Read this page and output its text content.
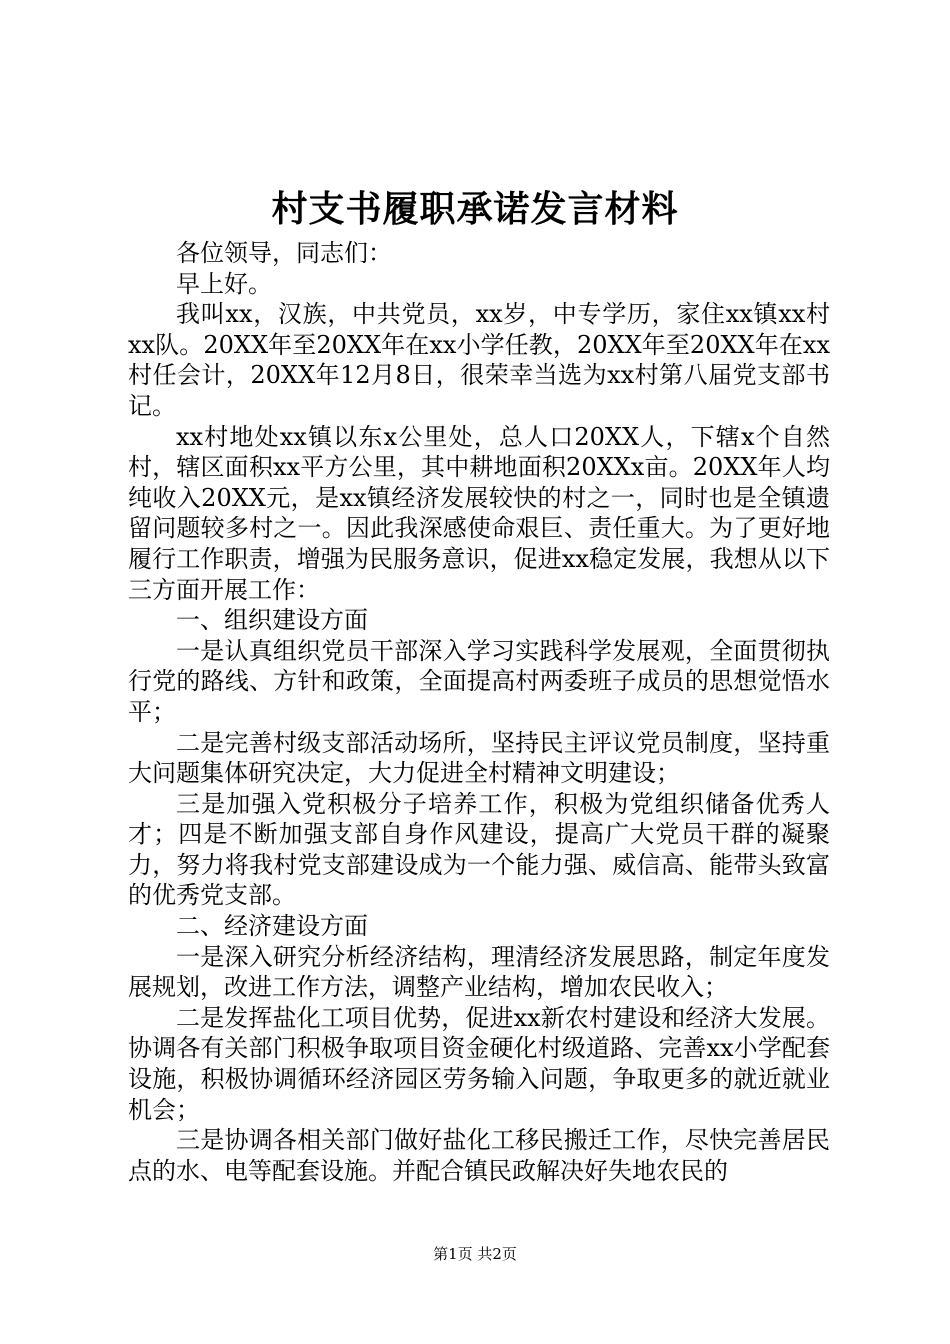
村支书履职承诺发言材料

各位领导，同志们：

早上好。

我叫xx，汉族，中共党员，xx岁，中专学历，家住xx镇xx村xx队。20XX年至20XX年在xx小学任教，20XX年至20XX年在xx村任会计，20XX年12月8日，很荣幸当选为xx村第八届党支部书记。

xx村地处xx镇以东x公里处，总人口20XX人，下辖x个自然村，辖区面积xx平方公里，其中耕地面积20XXx亩。20XX年人均纯收入20XX元，是xx镇经济发展较快的村之一，同时也是全镇遗留问题较多村之一。因此我深感使命艰巨、责任重大。为了更好地履行工作职责，增强为民服务意识，促进xx稳定发展，我想从以下三方面开展工作：

一、组织建设方面

一是认真组织党员干部深入学习实践科学发展观，全面贯彻执行党的路线、方针和政策，全面提高村两委班子成员的思想觉悟水平；

二是完善村级支部活动场所，坚持民主评议党员制度，坚持重大问题集体研究决定，大力促进全村精神文明建设；

三是加强入党积极分子培养工作，积极为党组织储备优秀人才；四是不断加强支部自身作风建设，提高广大党员干群的凝聚力，努力将我村党支部建设成为一个能力强、威信高、能带头致富的优秀党支部。

二、经济建设方面

一是深入研究分析经济结构，理清经济发展思路，制定年度发展规划，改进工作方法，调整产业结构，增加农民收入；

二是发挥盐化工项目优势，促进xx新农村建设和经济大发展。协调各有关部门积极争取项目资金硬化村级道路、完善xx小学配套设施，积极协调循环经济园区劳务输入问题，争取更多的就近就业机会；

三是协调各相关部门做好盐化工移民搬迁工作，尽快完善居民点的水、电等配套设施。并配合镇民政解决好失地农民的

第1页 共2页
